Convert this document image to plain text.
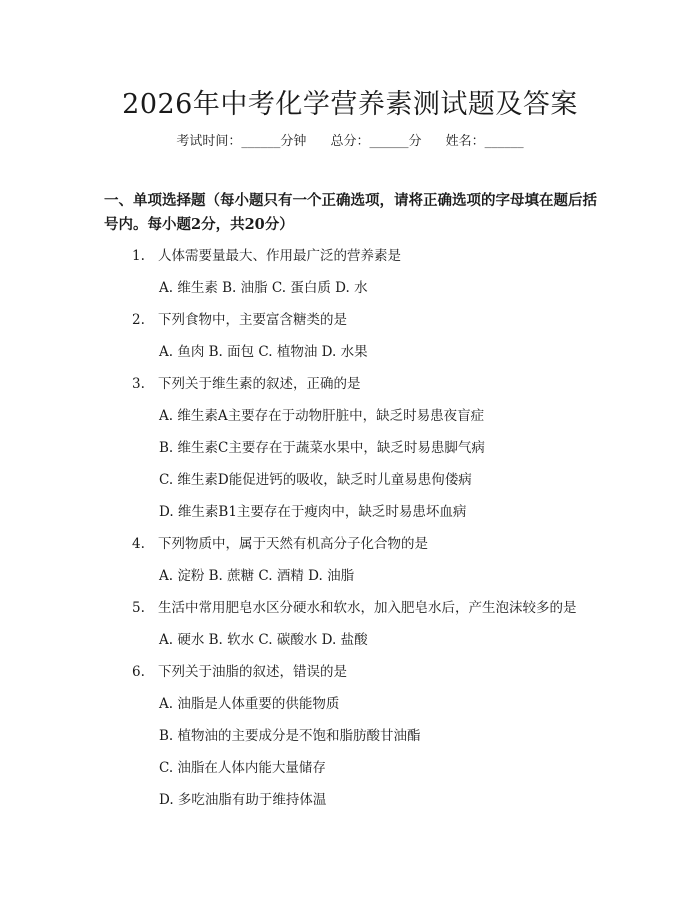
2026年中考化学营养素测试题及答案
考试时间：______分钟 总分：______分 姓名：______
一、单项选择题（每小题只有一个正确选项，请将正确选项的字母填在题后括号内。每小题2分，共20分）
1. 人体需要量最大、作用最广泛的营养素是
A. 维生素 B. 油脂 C. 蛋白质 D. 水
2. 下列食物中，主要富含糖类的是
A. 鱼肉 B. 面包 C. 植物油 D. 水果
3. 下列关于维生素的叙述，正确的是
A. 维生素A主要存在于动物肝脏中，缺乏时易患夜盲症
B. 维生素C主要存在于蔬菜水果中，缺乏时易患脚气病
C. 维生素D能促进钙的吸收，缺乏时儿童易患佝偻病
D. 维生素B1主要存在于瘦肉中，缺乏时易患坏血病
4. 下列物质中，属于天然有机高分子化合物的是
A. 淀粉 B. 蔗糖 C. 酒精 D. 油脂
5. 生活中常用肥皂水区分硬水和软水，加入肥皂水后，产生泡沫较多的是
A. 硬水 B. 软水 C. 碳酸水 D. 盐酸
6. 下列关于油脂的叙述，错误的是
A. 油脂是人体重要的供能物质
B. 植物油的主要成分是不饱和脂肪酸甘油酯
C. 油脂在人体内能大量储存
D. 多吃油脂有助于维持体温
